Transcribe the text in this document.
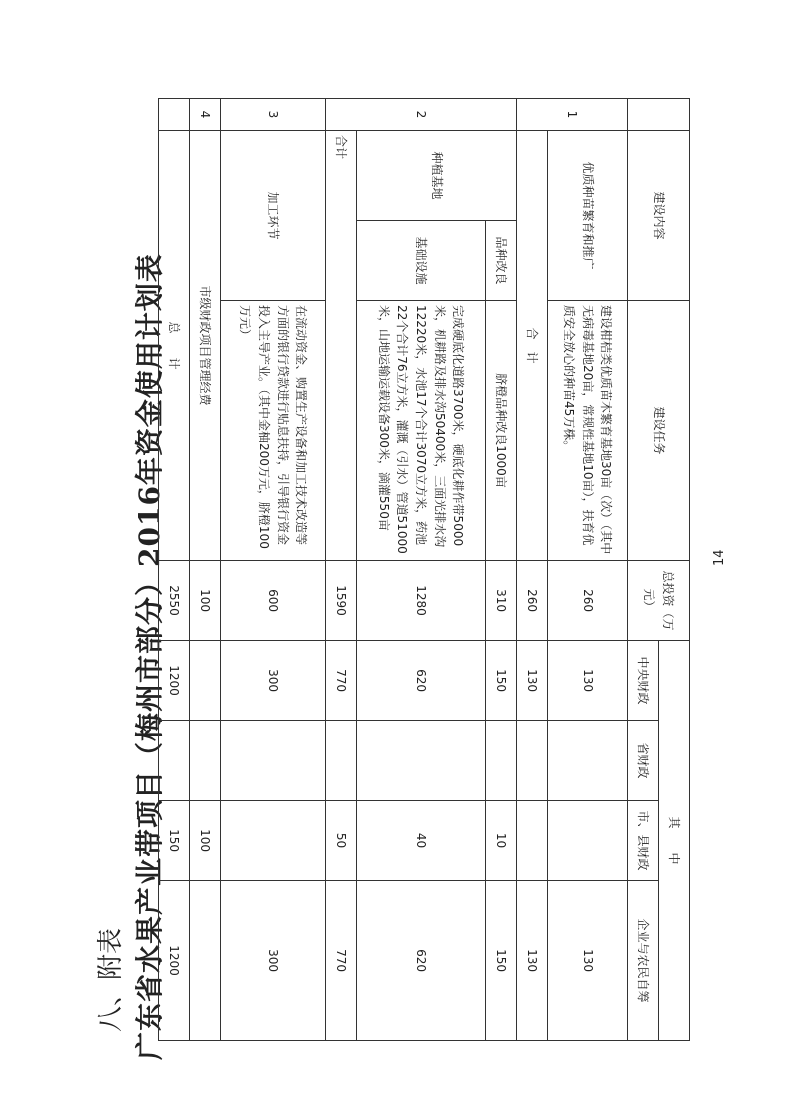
八、附表 广东省水果产业带项目（梅州市部分）2016年资金使用计划表	14
	建设内容		建设任务	总投资（万元）	其　　中			
					中央财政	省财政	市、县财政	企业与农民自筹
1	优质种苗繁育和推广		建设柑桔类优质苗木繁育基地30亩（次）（其中无病毒基地20亩，常规性基地10亩），扶育优质安全放心的种苗45万株。	260	130			130
	合　计			260	130			130
2	种植基地	品种改良	脐橙品种改良1000亩	310	150		10	150
		基础设施	完成硬底化道路3700米，硬底化耕作带5000米，机耕路及排水沟50400米，三面光排水沟12220米，水池17个合计3070立方米，药池22个合计76立方米，灌溉（引水）管道51000米，山地运输运载设备300米，滴灌550亩	1280	620		40	620
	合计			1590	770		50	770
3	加工环节		在流动资金、购置生产设备和加工技术改造等方面的银行贷款进行贴息扶持，引导银行资金投入主导产业。（其中金柚200万元，脐橙100万元）	600	300			300
4	市级财政项目管理经费			100			100	
	总　　计			2550	1200		150	1200
